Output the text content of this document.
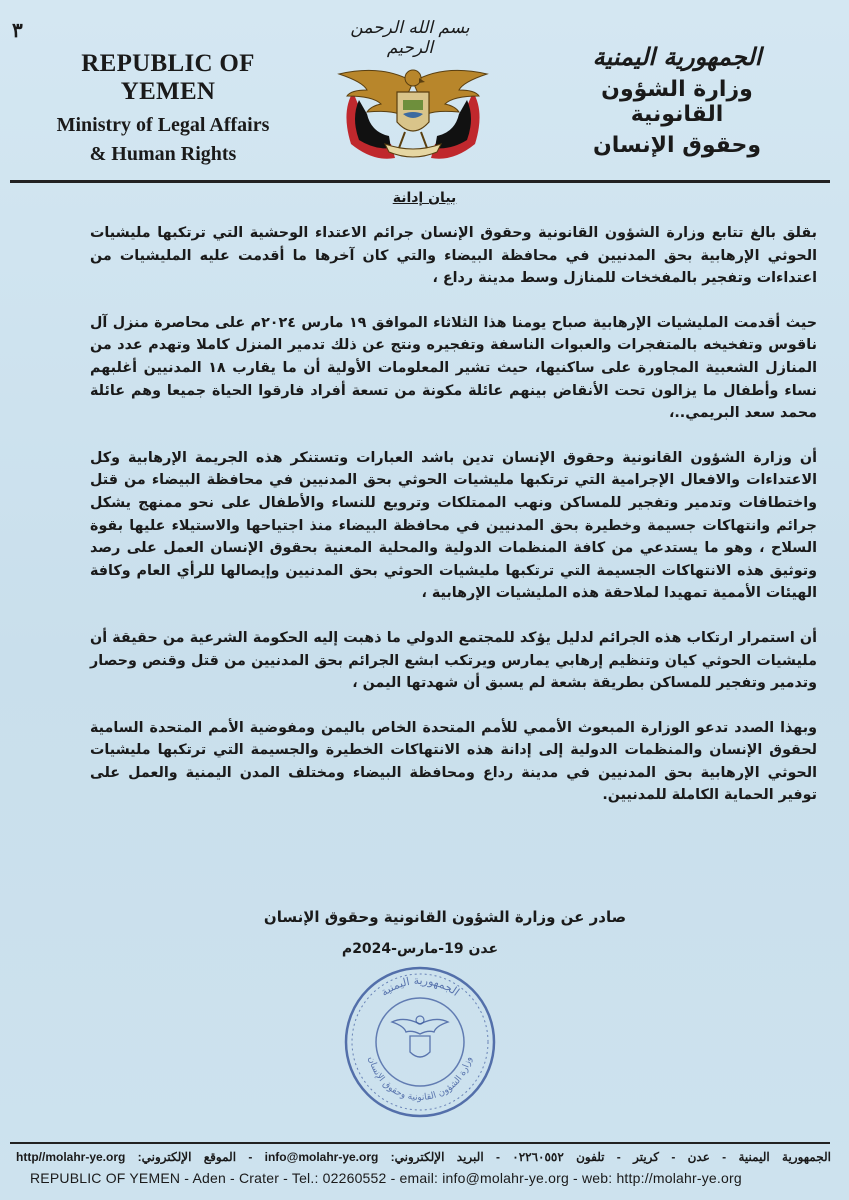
٣
REPUBLIC OF YEMEN
Ministry of Legal Affairs
& Human Rights
بسم الله الرحمن الرحيم	الجمهورية اليمنية
وزارة الشؤون القانونية
وحقوق الإنسان
بيان إدانة

بقلق بالغ تتابع وزارة الشؤون القانونية وحقوق الإنسان جرائم الاعتداء الوحشية التي ترتكبها مليشيات الحوثي الإرهابية بحق المدنيين في محافظة البيضاء والتي كان آخرها ما أقدمت عليه المليشيات من اعتداءات وتفجير بالمفخخات للمنازل وسط مدينة رداع ،

حيث أقدمت المليشيات الإرهابية صباح يومنا هذا الثلاثاء الموافق ١٩ مارس ٢٠٢٤م على محاصرة منزل آل ناقوس وتفخيخه بالمتفجرات والعبوات الناسفة وتفجيره ونتج عن ذلك تدمير المنزل كاملا وتهدم عدد من المنازل الشعبية المجاورة على ساكنيها، حيث تشير المعلومات الأولية أن ما يقارب ١٨ المدنيين أغلبهم نساء وأطفال ما يزالون تحت الأنقاض بينهم عائلة مكونة من تسعة أفراد فارقوا الحياة جميعا وهم عائلة محمد سعد البريمي..،

أن وزارة الشؤون القانونية وحقوق الإنسان تدين باشد العبارات وتستنكر هذه الجريمة الإرهابية وكل الاعتداءات والافعال الإجرامية التي ترتكبها مليشيات الحوثي بحق المدنيين في محافظة البيضاء من قتل واختطافات وتدمير وتفجير للمساكن ونهب الممتلكات وترويع للنساء والأطفال على نحو ممنهج يشكل جرائم وانتهاكات جسيمة وخطيرة بحق المدنيين في محافظة البيضاء منذ اجتياحها والاستيلاء عليها بقوة السلاح ، وهو ما يستدعي من كافة المنظمات الدولية والمحلية المعنية بحقوق الإنسان العمل على رصد وتوثيق هذه الانتهاكات الجسيمة التي ترتكبها مليشيات الحوثي بحق المدنيين وإيصالها للرأي العام وكافة الهيئات الأممية تمهيدا لملاحقة هذه المليشيات الإرهابية ،

أن استمرار ارتكاب هذه الجرائم لدليل يؤكد للمجتمع الدولي ما ذهبت إليه الحكومة الشرعية من حقيقة أن مليشيات الحوثي كيان وتنظيم إرهابي يمارس ويرتكب ابشع الجرائم بحق المدنيين من قتل وقنص وحصار وتدمير وتفجير للمساكن بطريقة بشعة لم يسبق أن شهدتها اليمن ،

وبهذا الصدد تدعو الوزارة المبعوث الأممي للأمم المتحدة الخاص باليمن ومفوضية الأمم المتحدة السامية لحقوق الإنسان والمنظمات الدولية إلى إدانة هذه الانتهاكات الخطيرة والجسيمة التي ترتكبها مليشيات الحوثي الإرهابية بحق المدنيين في مدينة رداع ومحافظة البيضاء ومختلف المدن اليمنية والعمل على توفير الحماية الكاملة للمدنيين.

صادر عن وزارة الشؤون القانونية وحقوق الإنسان
عدن 19-مارس-2024م
الجمهورية اليمنية
وزارة الشؤون القانونية وحقوق الإنسان
الجمهورية اليمنية - عدن - كريتر - تلفون ٠٢٢٦٠٥٥٢ - البريد الإلكتروني: info@molahr-ye.org - الموقع الإلكتروني: http//molahr-ye.org
REPUBLIC OF YEMEN - Aden - Crater - Tel.: 02260552 - email: info@molahr-ye.org - web: http://molahr-ye.org
